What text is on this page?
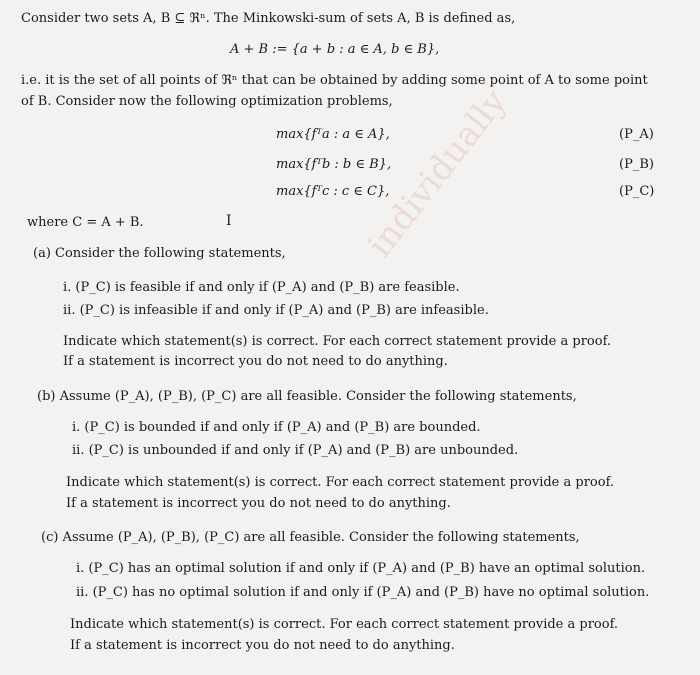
individually
Consider two sets A, B ⊆ ℜⁿ. The Minkowski-sum of sets A, B is defined as,
A + B := {a + b : a ∈ A, b ∈ B},
i.e. it is the set of all points of ℜⁿ that can be obtained by adding some point of A to some point
of B. Consider now the following optimization problems,
max{fᵀa : a ∈ A},	(P_A)
max{fᵀb : b ∈ B},	(P_B)
max{fᵀc : c ∈ C},	(P_C)
where C = A + B.	I
(a) Consider the following statements,
i. (P_C) is feasible if and only if (P_A) and (P_B) are feasible.
ii. (P_C) is infeasible if and only if (P_A) and (P_B) are infeasible.
Indicate which statement(s) is correct. For each correct statement provide a proof.
If a statement is incorrect you do not need to do anything.
(b) Assume (P_A), (P_B), (P_C) are all feasible. Consider the following statements,
i. (P_C) is bounded if and only if (P_A) and (P_B) are bounded.
ii. (P_C) is unbounded if and only if (P_A) and (P_B) are unbounded.
Indicate which statement(s) is correct. For each correct statement provide a proof.
If a statement is incorrect you do not need to do anything.
(c) Assume (P_A), (P_B), (P_C) are all feasible. Consider the following statements,
i. (P_C) has an optimal solution if and only if (P_A) and (P_B) have an optimal solution.
ii. (P_C) has no optimal solution if and only if (P_A) and (P_B) have no optimal solution.
Indicate which statement(s) is correct. For each correct statement provide a proof.
If a statement is incorrect you do not need to do anything.
